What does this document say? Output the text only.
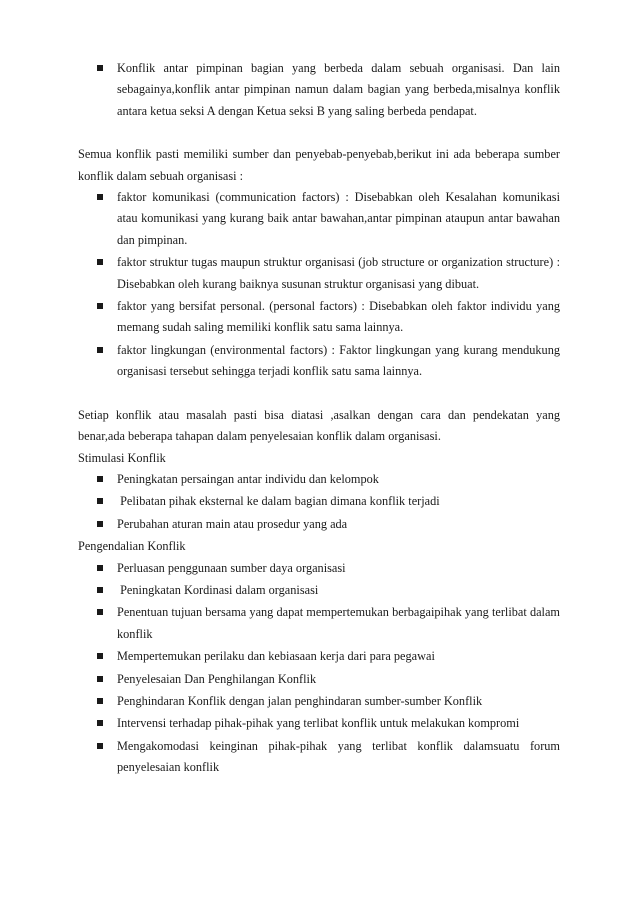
Konflik antar pimpinan bagian yang berbeda dalam sebuah organisasi. Dan lain sebagainya,konflik antar pimpinan namun dalam bagian yang berbeda,misalnya konflik antara ketua seksi A dengan Ketua seksi B yang saling berbeda pendapat.

Semua konflik pasti memiliki sumber dan penyebab-penyebab,berikut ini ada beberapa sumber konflik dalam sebuah organisasi :

faktor komunikasi (communication factors) : Disebabkan oleh Kesalahan komunikasi atau komunikasi yang kurang baik antar bawahan,antar pimpinan ataupun antar bawahan dan pimpinan.
faktor struktur tugas maupun struktur organisasi (job structure or organization structure) : Disebabkan oleh kurang baiknya susunan struktur organisasi yang dibuat.
faktor yang bersifat personal. (personal factors) : Disebabkan oleh faktor individu yang memang sudah saling memiliki konflik satu sama lainnya.
faktor lingkungan (environmental factors) : Faktor lingkungan yang kurang mendukung organisasi tersebut sehingga terjadi konflik satu sama lainnya.

Setiap konflik atau masalah pasti bisa diatasi ,asalkan dengan cara dan pendekatan yang benar,ada beberapa tahapan dalam penyelesaian konflik dalam organisasi.

Stimulasi Konflik

Peningkatan persaingan antar individu dan kelompok
Pelibatan pihak eksternal ke dalam bagian dimana konflik terjadi
Perubahan aturan main atau prosedur yang ada

Pengendalian Konflik

Perluasan penggunaan sumber daya organisasi
Peningkatan Kordinasi dalam organisasi
Penentuan tujuan bersama yang dapat mempertemukan berbagaipihak yang terlibat dalam konflik
Mempertemukan perilaku dan kebiasaan kerja dari para pegawai
Penyelesaian Dan Penghilangan Konflik
Penghindaran Konflik dengan jalan penghindaran sumber-sumber Konflik
Intervensi terhadap pihak-pihak yang terlibat konflik untuk melakukan kompromi
Mengakomodasi keinginan pihak-pihak yang terlibat konflik dalamsuatu forum penyelesaian konflik
